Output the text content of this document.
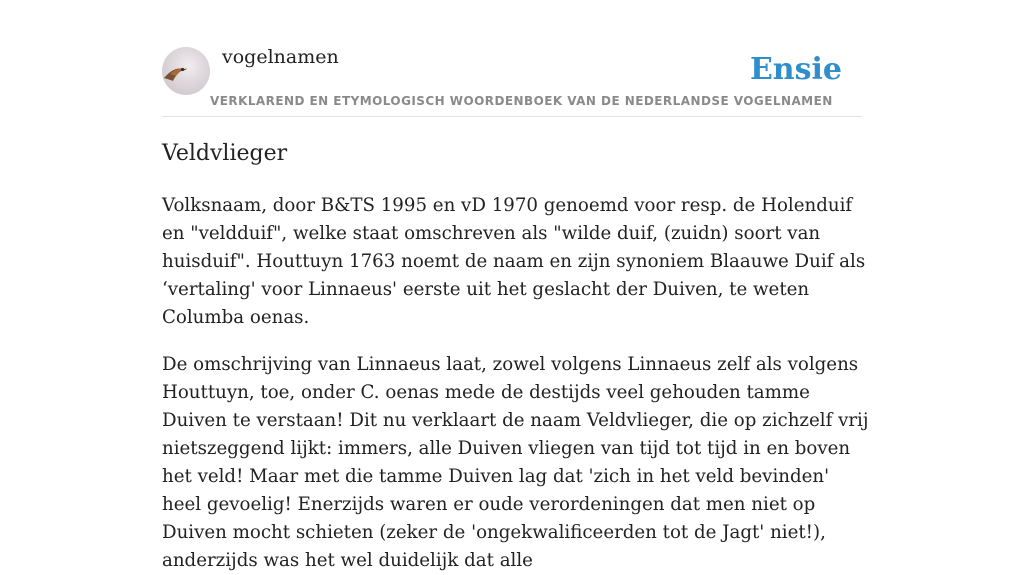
vogelnamen
VERKLAREND EN ETYMOLOGISCH WOORDENBOEK VAN DE NEDERLANDSE VOGELNAMEN
Ensie
Veldvlieger

Volksnaam, door B&TS 1995 en vD 1970 genoemd voor resp. de Holenduif en "veldduif", welke staat omschreven als "wilde duif, (zuidn) soort van huisduif". Houttuyn 1763 noemt de naam en zijn synoniem Blaauwe Duif als ‘vertaling' voor Linnaeus' eerste uit het geslacht der Duiven, te weten Columba oenas.

De omschrijving van Linnaeus laat, zowel volgens Linnaeus zelf als volgens Houttuyn, toe, onder C. oenas mede de destijds veel gehouden tamme Duiven te verstaan! Dit nu verklaart de naam Veldvlieger, die op zichzelf vrij nietszeggend lijkt: immers, alle Duiven vliegen van tijd tot tijd in en boven het veld! Maar met die tamme Duiven lag dat 'zich in het veld bevinden' heel gevoelig! Enerzijds waren er oude verordeningen dat men niet op Duiven mocht schieten (zeker de 'ongekwalificeerden tot de Jagt' niet!), anderzijds was het wel duidelijk dat alle
